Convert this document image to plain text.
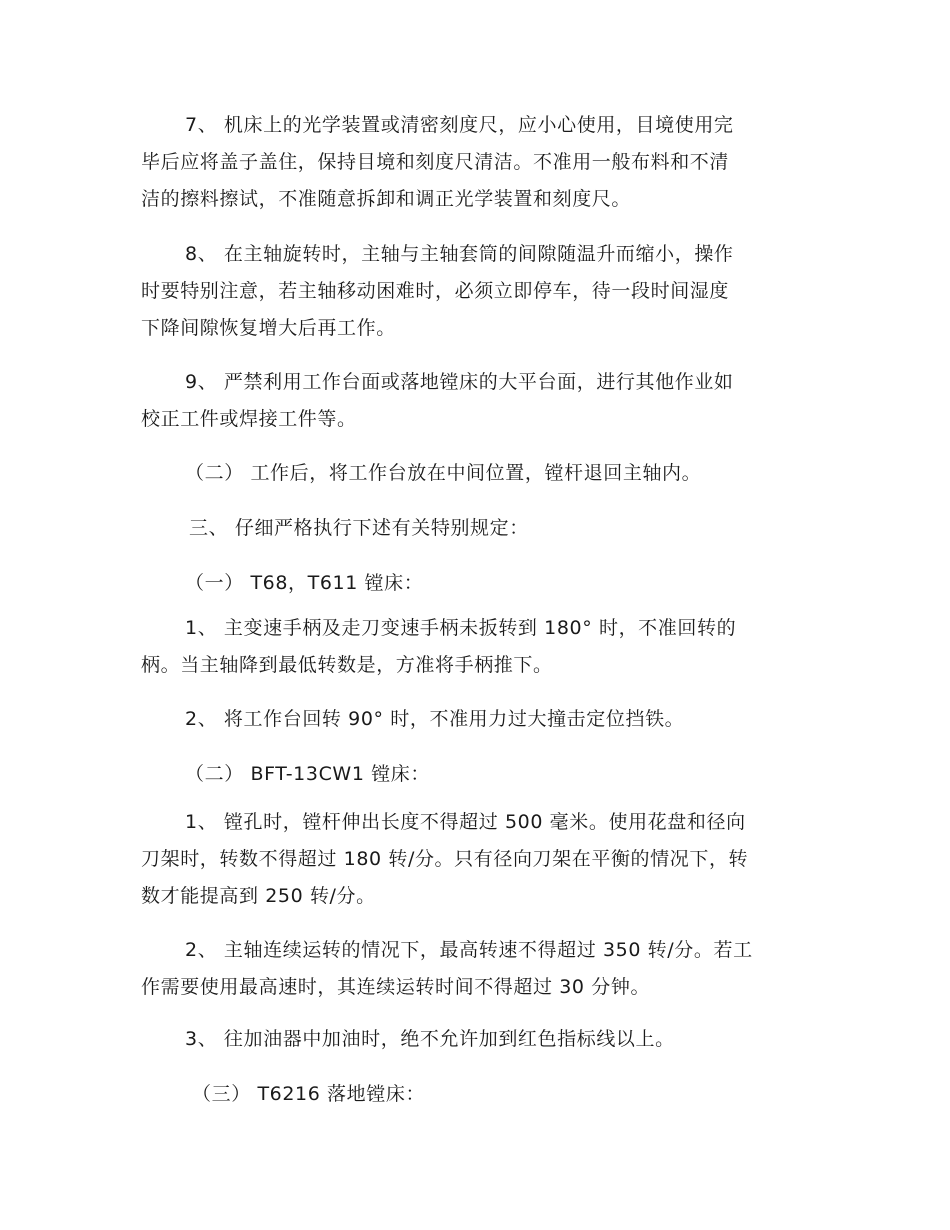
7、 机床上的光学装置或清密刻度尺，应小心使用，目境使用完
毕后应将盖子盖住，保持目境和刻度尺清洁。不准用一般布料和不清
洁的擦料擦试，不准随意拆卸和调正光学装置和刻度尺。

8、 在主轴旋转时，主轴与主轴套筒的间隙随温升而缩小，操作
时要特别注意，若主轴移动困难时，必须立即停车，待一段时间湿度
下降间隙恢复增大后再工作。

9、 严禁利用工作台面或落地镗床的大平台面，进行其他作业如
校正工件或焊接工件等。

（二） 工作后，将工作台放在中间位置，镗杆退回主轴内。

三、 仔细严格执行下述有关特别规定：

（一） T68，T611 镗床：

1、 主变速手柄及走刀变速手柄未扳转到 180° 时，不准回转的
柄。当主轴降到最低转数是，方准将手柄推下。

2、 将工作台回转 90° 时，不准用力过大撞击定位挡铁。

（二） BFT-13CW1 镗床：

1、 镗孔时，镗杆伸出长度不得超过 500 毫米。使用花盘和径向
刀架时，转数不得超过 180 转/分。只有径向刀架在平衡的情况下，转
数才能提高到 250 转/分。

2、 主轴连续运转的情况下，最高转速不得超过 350 转/分。若工
作需要使用最高速时，其连续运转时间不得超过 30 分钟。

3、 往加油器中加油时，绝不允许加到红色指标线以上。

（三） T6216 落地镗床：
